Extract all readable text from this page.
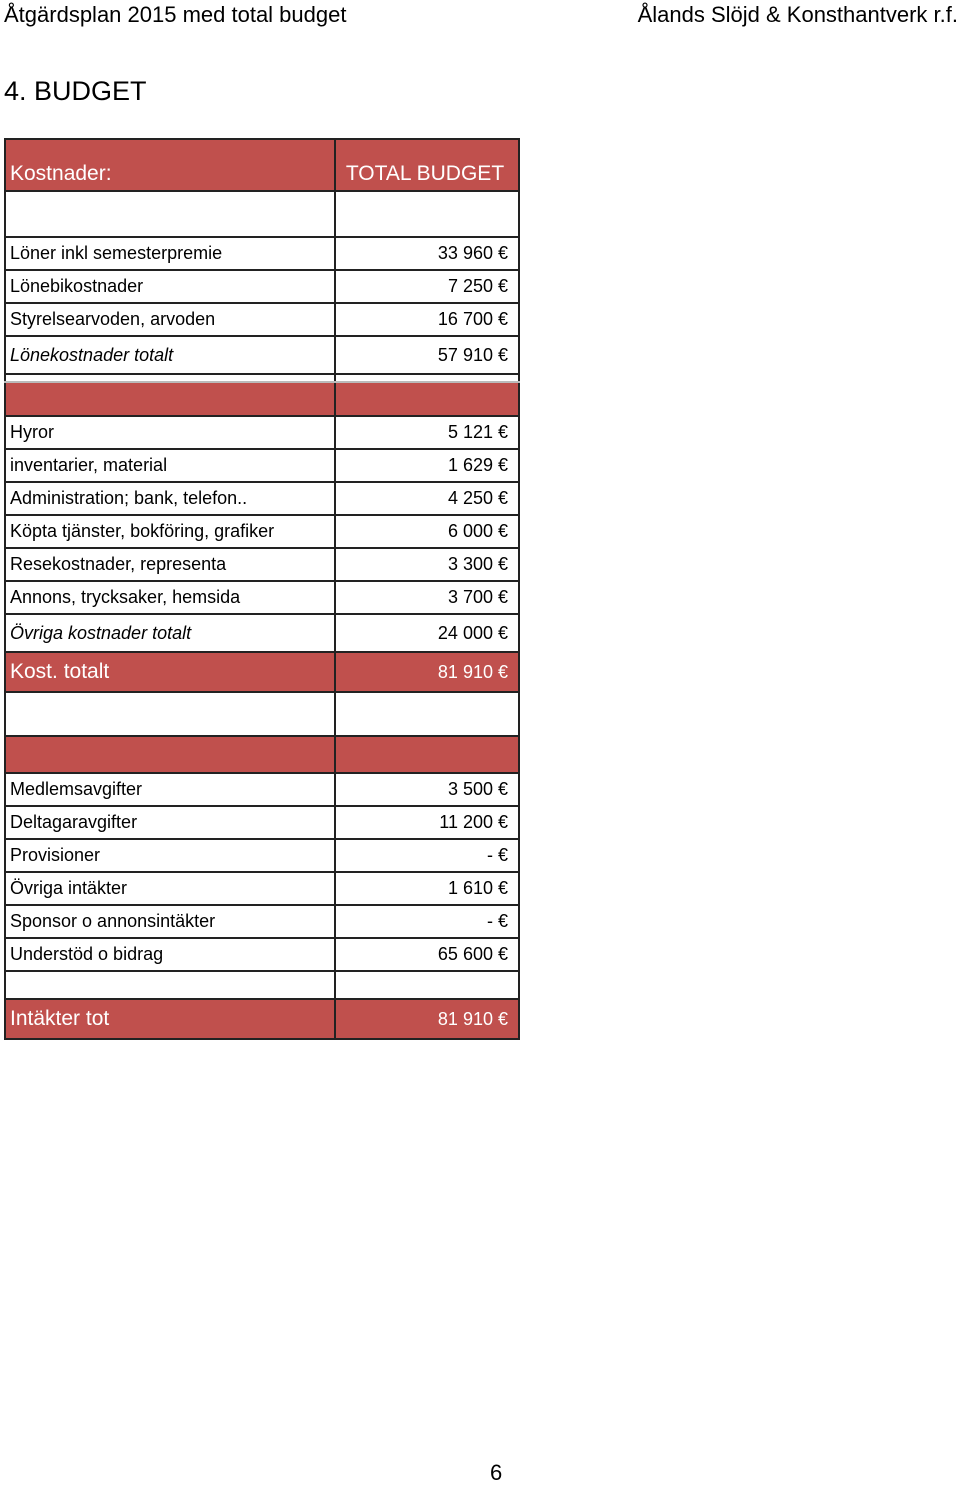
Åtgärdsplan 2015 med total budget	Ålands Slöjd & Konsthantverk r.f.
4. BUDGET
Kostnader:	TOTAL BUDGET

Löner inkl semesterpremie	33 960 €
Lönebikostnader	7 250 €
Styrelsearvoden, arvoden	16 700 €
Lönekostnader totalt	57 910 €

Hyror	5 121 €
inventarier, material	1 629 €
Administration; bank, telefon..	4 250 €
Köpta tjänster, bokföring, grafiker	6 000 €
Resekostnader, representa	3 300 €
Annons, trycksaker, hemsida	3 700 €
Övriga kostnader totalt	24 000 €
Kost. totalt	81 910 €

Medlemsavgifter	3 500 €
Deltagaravgifter	11 200 €
Provisioner	- €
Övriga intäkter	1 610 €
Sponsor o annonsintäkter	- €
Understöd o bidrag	65 600 €

Intäkter tot	81 910 €
6
